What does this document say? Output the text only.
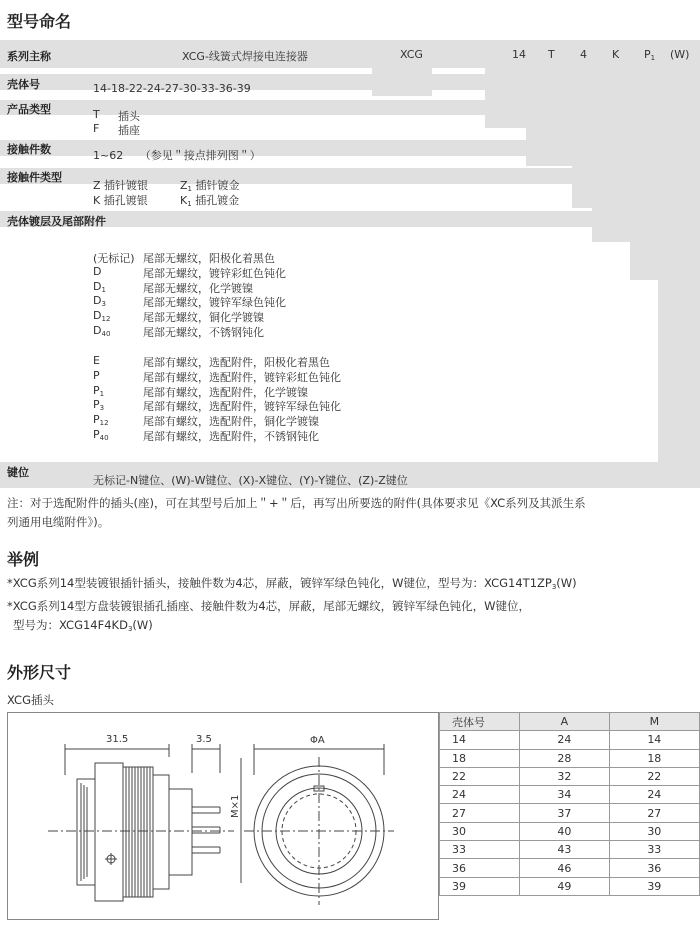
型号命名
系列主称	XCG-线簧式焊接电连接器	XCG	14 T 4 K $P_1$ (W)
壳体号	14-18-22-24-27-30-33-36-39
产品类型	T 插头
F 插座
接触件数	1~62　　（参见＂接点排列图＂）
接触件类型
Z 插针镀银	$Z_1$ 插针镀金
K 插孔镀银	$K_1$ 插孔镀金
壳体镀层及尾部附件
(无标记) 尾部无螺纹，阳极化着黑色
D	尾部无螺纹，镀锌彩虹色钝化
$D_1$	尾部无螺纹，化学镀镍
$D_3$	尾部无螺纹，镀锌军绿色钝化
$D_{12}$	尾部无螺纹，铜化学镀镍
$D_{40}$	尾部无螺纹，不锈钢钝化
E	尾部有螺纹，选配附件，阳极化着黑色
P	尾部有螺纹，选配附件，镀锌彩虹色钝化
$P_1$	尾部有螺纹，选配附件，化学镀镍
$P_3$	尾部有螺纹，选配附件，镀锌军绿色钝化
$P_{12}$	尾部有螺纹，选配附件，铜化学镀镍
$P_{40}$	尾部有螺纹，选配附件，不锈钢钝化
键位
无标记-N键位、(W)-W键位、(X)-X键位、(Y)-Y键位、(Z)-Z键位
注：对于选配附件的插头(座)，可在其型号后加上＂+＂后，再写出所要选的附件(具体要求见《XC系列及其派生系
列通用电缆附件》)。
举例
*XCG系列14型装镀银插针插头，接触件数为4芯，屏蔽，镀锌军绿色钝化，W键位，型号为：$XCG14T1ZP_3(W)$
*XCG系列14型方盘装镀银插孔插座、接触件数为4芯，屏蔽，尾部无螺纹，镀锌军绿色钝化，W键位，
型号为：$XCG14F4KD_3(W)$
外形尺寸
XCG插头
31.5	3.5	ΦA
M×1
壳体号	A	M
14	24	14
18	28	18
22	32	22
24	34	24
27	37	27
30	40	30
33	43	33
36	46	36
39	49	39
